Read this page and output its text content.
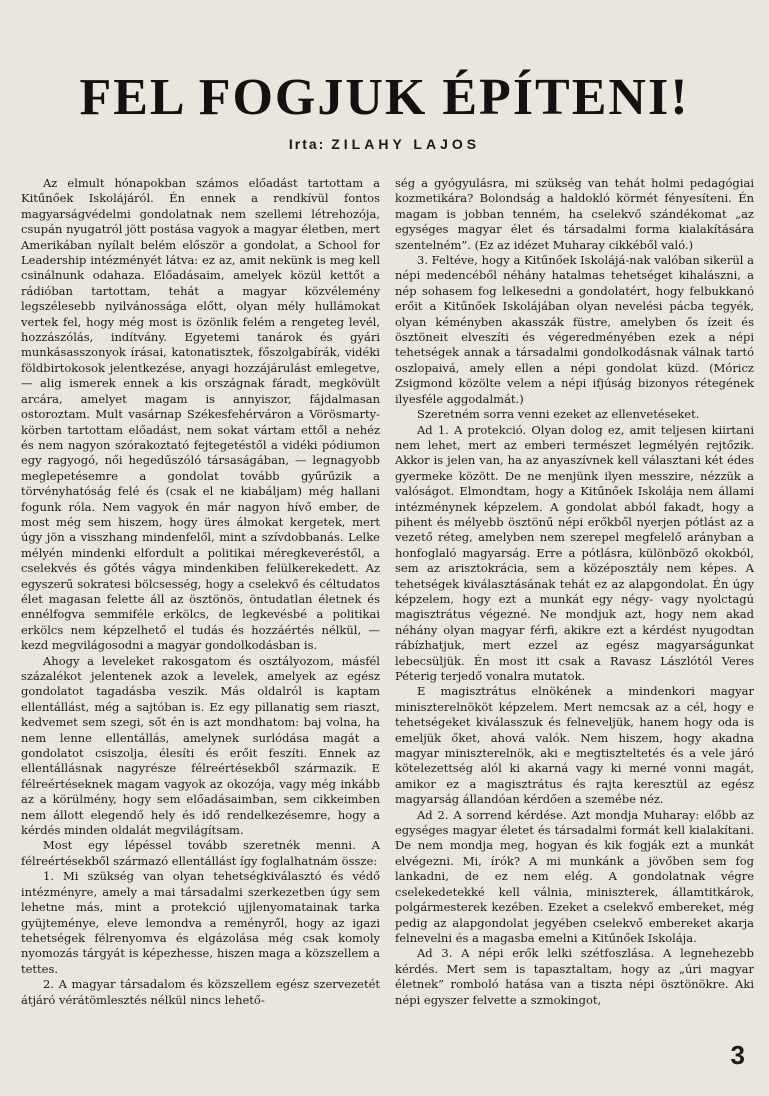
FEL FOGJUK ÉPÍTENI!
Irta: ZILAHY LAJOS

Az elmult hónapokban számos előadást tartottam a Kitűnőek Iskolájáról. Én ennek a rendkívül fontos magyarságvédelmi gondolatnak nem szellemi létrehozója, csupán nyugatról jött postása vagyok a magyar életben, mert Amerikában nyílalt belém először a gondolat, a School for Leadership intézményét látva: ez az, amit nekünk is meg kell csinálnunk odahaza. Előadásaim, amelyek közül kettőt a rádióban tartottam, tehát a magyar közvélemény legszélesebb nyilvánossága előtt, olyan mély hullámokat vertek fel, hogy még most is özönlik felém a rengeteg levél, hozzászólás, indítvány. Egyetemi tanárok és gyári munkásasszonyok írásai, katonatisztek, főszolgabírák, vidéki földbirtokosok jelentkezése, anyagi hozzájárulást emlegetve, — alig ismerek ennek a kis országnak fáradt, megkövült arcára, amelyet magam is annyiszor, fájdalmasan ostoroztam. Mult vasárnap Székesfehérváron a Vörösmarty-körben tartottam előadást, nem sokat vártam ettől a nehéz és nem nagyon szórakoztató fejtegetéstől a vidéki pódiumon egy ragyogó, női hegedűszóló társaságában, — legnagyobb meglepetésemre a gondolat tovább gyűrűzik a törvényhatóság felé és (csak el ne kiabáljam) még hallani fogunk róla. Nem vagyok én már nagyon hívő ember, de most még sem hiszem, hogy üres álmokat kergetek, mert úgy jön a visszhang mindenfelől, mint a szívdobbanás. Lelke mélyén mindenki elfordult a politikai méregkeveréstől, a cselekvés és gőtés vágya mindenkiben felülkerekedett. Az egyszerű sokratesi bölcsesség, hogy a cselekvő és céltudatos élet magasan felette áll az ösztönös, öntudatlan életnek és ennélfogva semmiféle erkölcs, de legkevésbé a politikai erkölcs nem képzelhető el tudás és hozzáértés nélkül, — kezd megvilágosodni a magyar gondolkodásban is.

Ahogy a leveleket rakosgatom és osztályozom, másfél százalékot jelentenek azok a levelek, amelyek az egész gondolatot tagadásba veszik. Más oldalról is kaptam ellentállást, még a sajtóban is. Ez egy pillanatig sem riaszt, kedvemet sem szegi, sőt én is azt mondhatom: baj volna, ha nem lenne ellentállás, amelynek surlódása magát a gondolatot csiszolja, élesíti és erőit feszíti. Ennek az ellentállásnak nagyrésze félreértésekből származik. E félreértéseknek magam vagyok az okozója, vagy még inkább az a körülmény, hogy sem előadásaimban, sem cikkeimben nem állott elegendő hely és idő rendelkezésemre, hogy a kérdés minden oldalát megvilágítsam.

Most egy lépéssel tovább szeretnék menni. A félreértésekből származó ellentállást így foglalhatnám össze:

1. Mi szükség van olyan tehetségkiválasztó és védő intézményre, amely a mai társadalmi szerkezetben úgy sem lehetne más, mint a protekció ujjlenyomatainak tarka gyüjteménye, eleve lemondva a reményről, hogy az igazi tehetségek félrenyomva és elgázolása még csak komoly nyomozás tárgyát is képezhesse, hiszen maga a közszellem a tettes.

2. A magyar társadalom és közszellem egész szervezetét átjáró vérátömlesztés nélkül nincs lehető-

ség a gyógyulásra, mi szükség van tehát holmi pedagógiai kozmetikára? Bolondság a haldokló körmét fényesíteni. Én magam is jobban tenném, ha cselekvő szándékomat „az egységes magyar élet és társadalmi forma kialakítására szentelném”. (Ez az idézet Muharay cikkéből való.)

3. Feltéve, hogy a Kitűnőek Iskolájá-nak valóban sikerül a népi medencéből néhány hatalmas tehetséget kihalászni, a nép sohasem fog lelkesedni a gondolatért, hogy felbukkanó erőit a Kitűnőek Iskolájában olyan nevelési pácba tegyék, olyan kéményben akasszák füstre, amelyben ős ízeit és ösztöneit elveszíti és végeredményében ezek a népi tehetségek annak a társadalmi gondolkodásnak válnak tartó oszlopaivá, amely ellen a népi gondolat küzd. (Móricz Zsigmond közölte velem a népi ifjúság bizonyos rétegének ilyesféle aggodalmát.)

Szeretném sorra venni ezeket az ellenvetéseket.

Ad 1. A protekció. Olyan dolog ez, amit teljesen kiirtani nem lehet, mert az emberi természet legmélyén rejtőzik. Akkor is jelen van, ha az anyaszívnek kell választani két édes gyermeke között. De ne menjünk ilyen messzire, nézzük a valóságot. Elmondtam, hogy a Kitűnőek Iskolája nem állami intézménynek képzelem. A gondolat abból fakadt, hogy a pihent és mélyebb ösztönű népi erőkből nyerjen pótlást az a vezető réteg, amelyben nem szerepel megfelelő arányban a honfoglaló magyarság. Erre a pótlásra, különböző okokból, sem az arisztokrácia, sem a középosztály nem képes. A tehetségek kiválasztásának tehát ez az alapgondolat. Én úgy képzelem, hogy ezt a munkát egy négy- vagy nyolctagú magisztrátus végezné. Ne mondjuk azt, hogy nem akad néhány olyan magyar férfi, akikre ezt a kérdést nyugodtan rábízhatjuk, mert ezzel az egész magyarságunkat lebecsüljük. Én most itt csak a Ravasz Lászlótól Veres Péterig terjedő vonalra mutatok.

E magisztrátus elnökének a mindenkori magyar miniszterelnököt képzelem. Mert nemcsak az a cél, hogy e tehetségeket kiválasszuk és felneveljük, hanem hogy oda is emeljük őket, ahová valók. Nem hiszem, hogy akadna magyar miniszterelnök, aki e megtiszteltetés és a vele járó kötelezettség alól ki akarná vagy ki merné vonni magát, amikor ez a magisztrátus és rajta keresztül az egész magyarság állandóan kérdően a szemébe néz.

Ad 2. A sorrend kérdése. Azt mondja Muharay: előbb az egységes magyar életet és társadalmi formát kell kialakítani. De nem mondja meg, hogyan és kik fogják ezt a munkát elvégezni. Mi, írók? A mi munkánk a jövőben sem fog lankadni, de ez nem elég. A gondolatnak végre cselekedetekké kell válnia, miniszterek, államtitkárok, polgármesterek kezében. Ezeket a cselekvő embereket, még pedig az alapgondolat jegyében cselekvő embereket akarja felnevelni és a magasba emelni a Kitűnőek Iskolája.

Ad 3. A népi erők lelki szétfoszlása. A legnehezebb kérdés. Mert sem is tapasztaltam, hogy az „úri magyar életnek” romboló hatása van a tiszta népi ösztönökre. Aki népi egyszer felvette a szmokingot,

3
